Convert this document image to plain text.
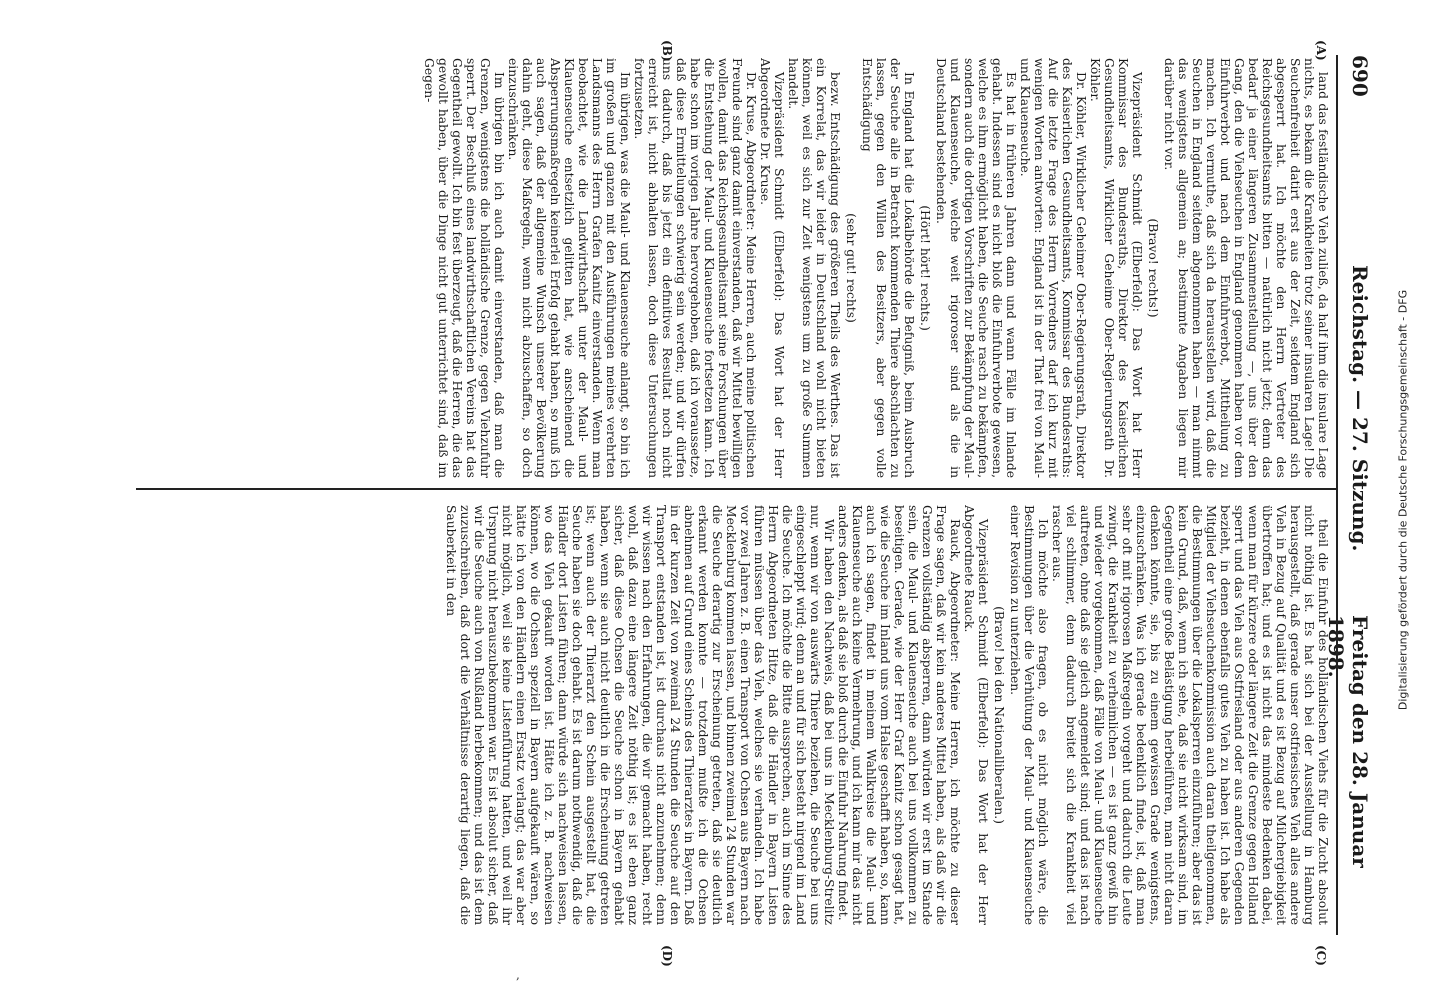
690
Reichstag. — 27. Sitzung.
Freitag den 28. Januar 1898.
(A)
(B)
(C)
(D)

land das festländische Vieh zuließ, da half ihm die insulare Lage nichts, es bekam die Krankheiten trotz seiner insularen Lage! Die Seuchenfreiheit datirt erst aus der Zeit, seitdem England sich abgesperrt hat. Ich möchte den Herrn Vertreter des Reichsgesundheitsamts bitten — natürlich nicht jetzt; denn das bedarf ja einer längeren Zusammenstellung —, uns über den Gang, den die Viehseuchen in England genommen haben vor dem Einfuhrverbot und nach dem Einfuhrverbot, Mittheilung zu machen. Ich vermuthe, daß sich da herausstellen wird, daß die Seuchen in England seitdem abgenommen haben — man nimmt das wenigstens allgemein an; bestimmte Angaben liegen mir darüber nicht vor.

(Bravo! rechts!)

Vizepräsident Schmidt (Elberfeld): Das Wort hat Herr Kommissar des Bundesraths, Direktor des Kaiserlichen Gesundheitsamts, Wirklicher Geheime Ober-Regierungsrath Dr. Köhler.

Dr. Köhler, Wirklicher Geheimer Ober-Regierungsrath, Direktor des Kaiserlichen Gesundheitsamts, Kommissar des Bundesraths: Auf die letzte Frage des Herrn Vorredners darf ich kurz mit wenigen Worten antworten: England ist in der That frei von Maul- und Klauenseuche.

Es hat in früheren Jahren dann und wann Fälle im Inlande gehabt. Indessen sind es nicht bloß die Einfuhrverbote gewesen, welche es ihm ermöglicht haben, die Seuche rasch zu bekämpfen, sondern auch die dortigen Vorschriften zur Bekämpfung der Maul- und Klauenseuche, welche weit rigoroser sind als die in Deutschland bestehenden.

(Hört! hört! rechts.)

In England hat die Lokalbehörde die Befugniß, beim Ausbruch der Seuche alle in Betracht kommenden Thiere abschlachten zu lassen, gegen den Willen des Besitzers, aber gegen volle Entschädigung

(sehr gut! rechts)

bezw. Entschädigung des größeren Theils des Werthes. Das ist ein Korrelat, das wir leider in Deutschland wohl nicht bieten können, weil es sich zur Zeit wenigstens um zu große Summen handelt.

Vizepräsident Schmidt (Elberfeld): Das Wort hat der Herr Abgeordnete Dr. Kruse.

Dr. Kruse, Abgeordneter: Meine Herren, auch meine politischen Freunde sind ganz damit einverstanden, daß wir Mittel bewilligen wollen, damit das Reichsgesundheitsamt seine Forschungen über die Entstehung der Maul- und Klauenseuche fortsetzen kann. Ich habe schon im vorigen Jahre hervorgehoben, daß ich voraussetze, daß diese Ermittelungen schwierig sein werden; und wir dürfen uns dadurch, daß bis jetzt ein definitives Resultat noch nicht erreicht ist, nicht abhalten lassen, doch diese Untersuchungen fortzusetzen.

Im übrigen, was die Maul- und Klauenseuche anlangt, so bin ich im großen und ganzen mit den Ausführungen meines verehrten Landsmanns des Herrn Grafen Kanitz einverstanden. Wenn man beobachtet, wie die Landwirthschaft unter der Maul- und Klauenseuche entsetzlich gelitten hat, wie anscheinend die Absperrungsmaßregeln keinerlei Erfolg gehabt haben, so muß ich auch sagen, daß der allgemeine Wunsch unserer Bevölkerung dahin geht, diese Maßregeln, wenn nicht abzuschaffen, so doch einzuschränken.

Im übrigen bin ich auch damit einverstanden, daß man die Grenzen, wenigstens die holländische Grenze, gegen Viehzufuhr sperrt. Der Beschluß eines landwirthschaftlichen Vereins hat das Gegentheil gewollt. Ich bin fest überzeugt, daß die Herren, die das gewollt haben, über die Dinge nicht gut unterrichtet sind, daß im Gegen-

theil die Einfuhr des holländischen Viehs für die Zucht absolut nicht nöthig ist. Es hat sich bei der Ausstellung in Hamburg herausgestellt, daß gerade unser ostfriesisches Vieh alles andere Vieh in Bezug auf Qualität und es ist Bezug auf Milchergiebigkeit übertroffen hat; und es ist nicht das mindeste Bedenken dabei, wenn man für kürzere oder längere Zeit die Grenze gegen Holland sperrt und das Vieh aus Ostfriesland oder aus anderen Gegenden bezieht, in denen ebenfalls gutes Vieh zu haben ist. Ich habe als Mitglied der Viehseuchenkommission auch daran theilgenommen, die Bestimmungen über die Lokalsperren einzuführen; aber das ist kein Grund, daß, wenn ich sehe, daß sie nicht wirksam sind, im Gegentheil eine große Belästigung herbeiführen, man nicht daran denken könnte, sie, bis zu einem gewissen Grade wenigstens, einzuschränken. Was ich gerade bedenklich finde, ist, daß man sehr oft mit rigorosen Maßregeln vorgeht und dadurch die Leute zwingt, die Krankheit zu verheimlichen — es ist ganz gewiß hin und wieder vorgekommen, daß Fälle von Maul- und Klauenseuche auftreten, ohne daß sie gleich angemeldet sind; und das ist nach viel schlimmer, denn dadurch breitet sich die Krankheit viel rascher aus.

Ich möchte also fragen, ob es nicht möglich wäre, die Bestimmungen über die Verhütung der Maul- und Klauenseuche einer Revision zu unterziehen.

(Bravo! bei den Nationalliberalen.)

Vizepräsident Schmidt (Elberfeld): Das Wort hat der Herr Abgeordnete Rauck.

Rauck, Abgeordneter: Meine Herren, ich möchte zu dieser Frage sagen, daß wir kein anderes Mittel haben, als daß wir die Grenzen vollständig absperren, dann würden wir erst im Stande sein, die Maul- und Klauenseuche auch bei uns vollkommen zu beseitigen. Gerade, wie der Herr Graf Kanitz schon gesagt hat, wie die Seuche im Inland uns vom Halse geschafft haben, so, kann auch ich sagen, findet in meinem Wahlkreise die Maul- und Klauenseuche auch keine Vermehrung, und ich kann mir das nicht anders denken, als daß sie bloß durch die Einfuhr Nahrung findet.

Wir haben den Nachweis, daß bei uns in Mecklenburg-Strelitz nur, wenn wir von auswärts Thiere beziehen, die Seuche bei uns eingeschleppt wird; denn an und für sich besteht nirgend im Land die Seuche. Ich möchte die Bitte aussprechen, auch im Sinne des Herrn Abgeordneten Hitze, daß die Händler in Bayern Listen führen müssen über das Vieh, welches sie verhandeln. Ich habe vor zwei Jahren z. B. einen Transport von Ochsen aus Bayern nach Mecklenburg kommen lassen, und binnen zweimal 24 Stunden war die Seuche derartig zur Erscheinung getreten, daß sie deutlich erkannt werden konnte — trotzdem mußte ich die Ochsen abnehmen auf Grund eines Scheins des Thierarztes in Bayern. Daß in der kurzen Zeit von zweimal 24 Stunden die Seuche auf den Transport entstanden ist, ist durchaus nicht anzunehmen; denn wir wissen nach den Erfahrungen, die wir gemacht haben, recht wohl, daß dazu eine längere Zeit nöthig ist; es ist eben ganz sicher, daß diese Ochsen die Seuche schon in Bayern gehabt haben, wenn sie auch nicht deutlich in die Erscheinung getreten ist; wenn auch der Thierarzt den Schein ausgestellt hat, die Seuche haben sie doch gehabt. Es ist darum nothwendig, daß die Händler dort Listen führen; dann würde sich nachweisen lassen, wo das Vieh gekauft worden ist. Hätte ich z. B. nachweisen können, wo die Ochsen speziell in Bayern aufgekauft wären, so hätte ich von den Händlern einen Ersatz verlangt; das war aber nicht möglich, weil sie keine Listenführung hatten, und weil ihr Ursprung nicht herauszubekommen war. Es ist absolut sicher, daß wir die Seuche auch von Rußland herbekommen; und das ist dem zuzuschreiben, daß dort die Verhältnisse derartig liegen, daß die Sauberkeit in den

,
Digitalisierung gefördert durch die Deutsche Forschungsgemeinschaft - DFG
